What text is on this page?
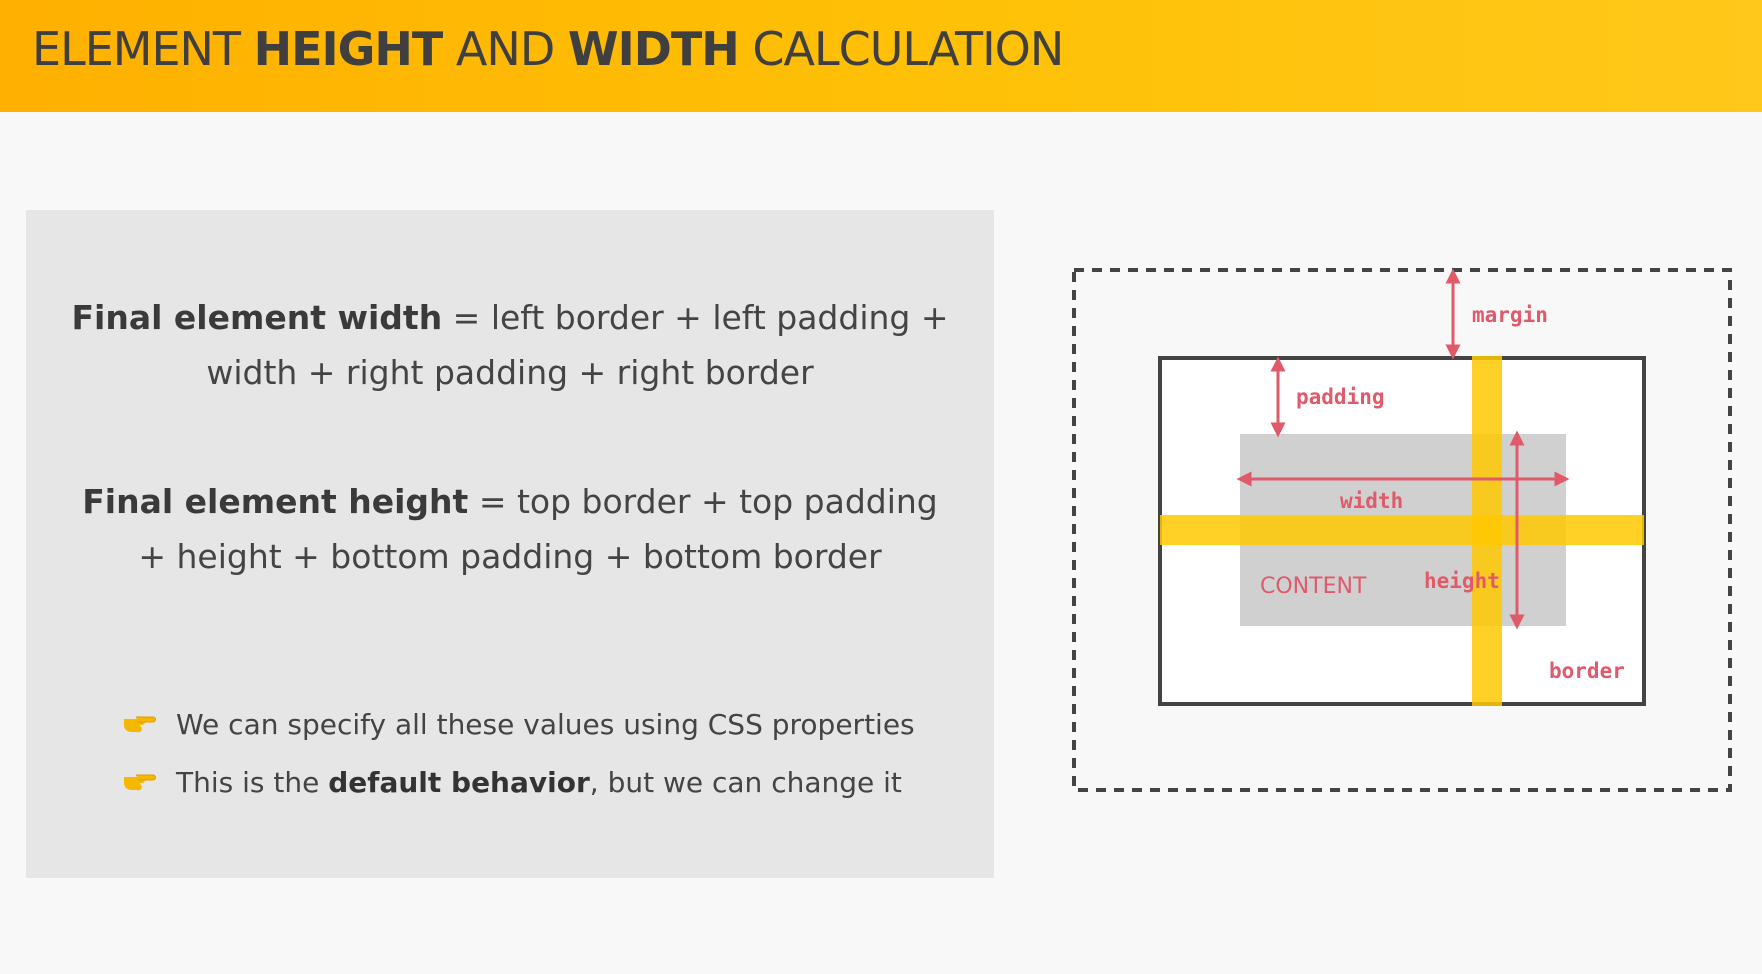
ELEMENT HEIGHT AND WIDTH CALCULATION
Final element width = left border + left padding +
width + right padding + right border
Final element height = top border + top padding
+ height + bottom padding + bottom border
We can specify all these values using CSS properties
This is the default behavior, but we can change it
margin
padding
width
height
CONTENT
border
